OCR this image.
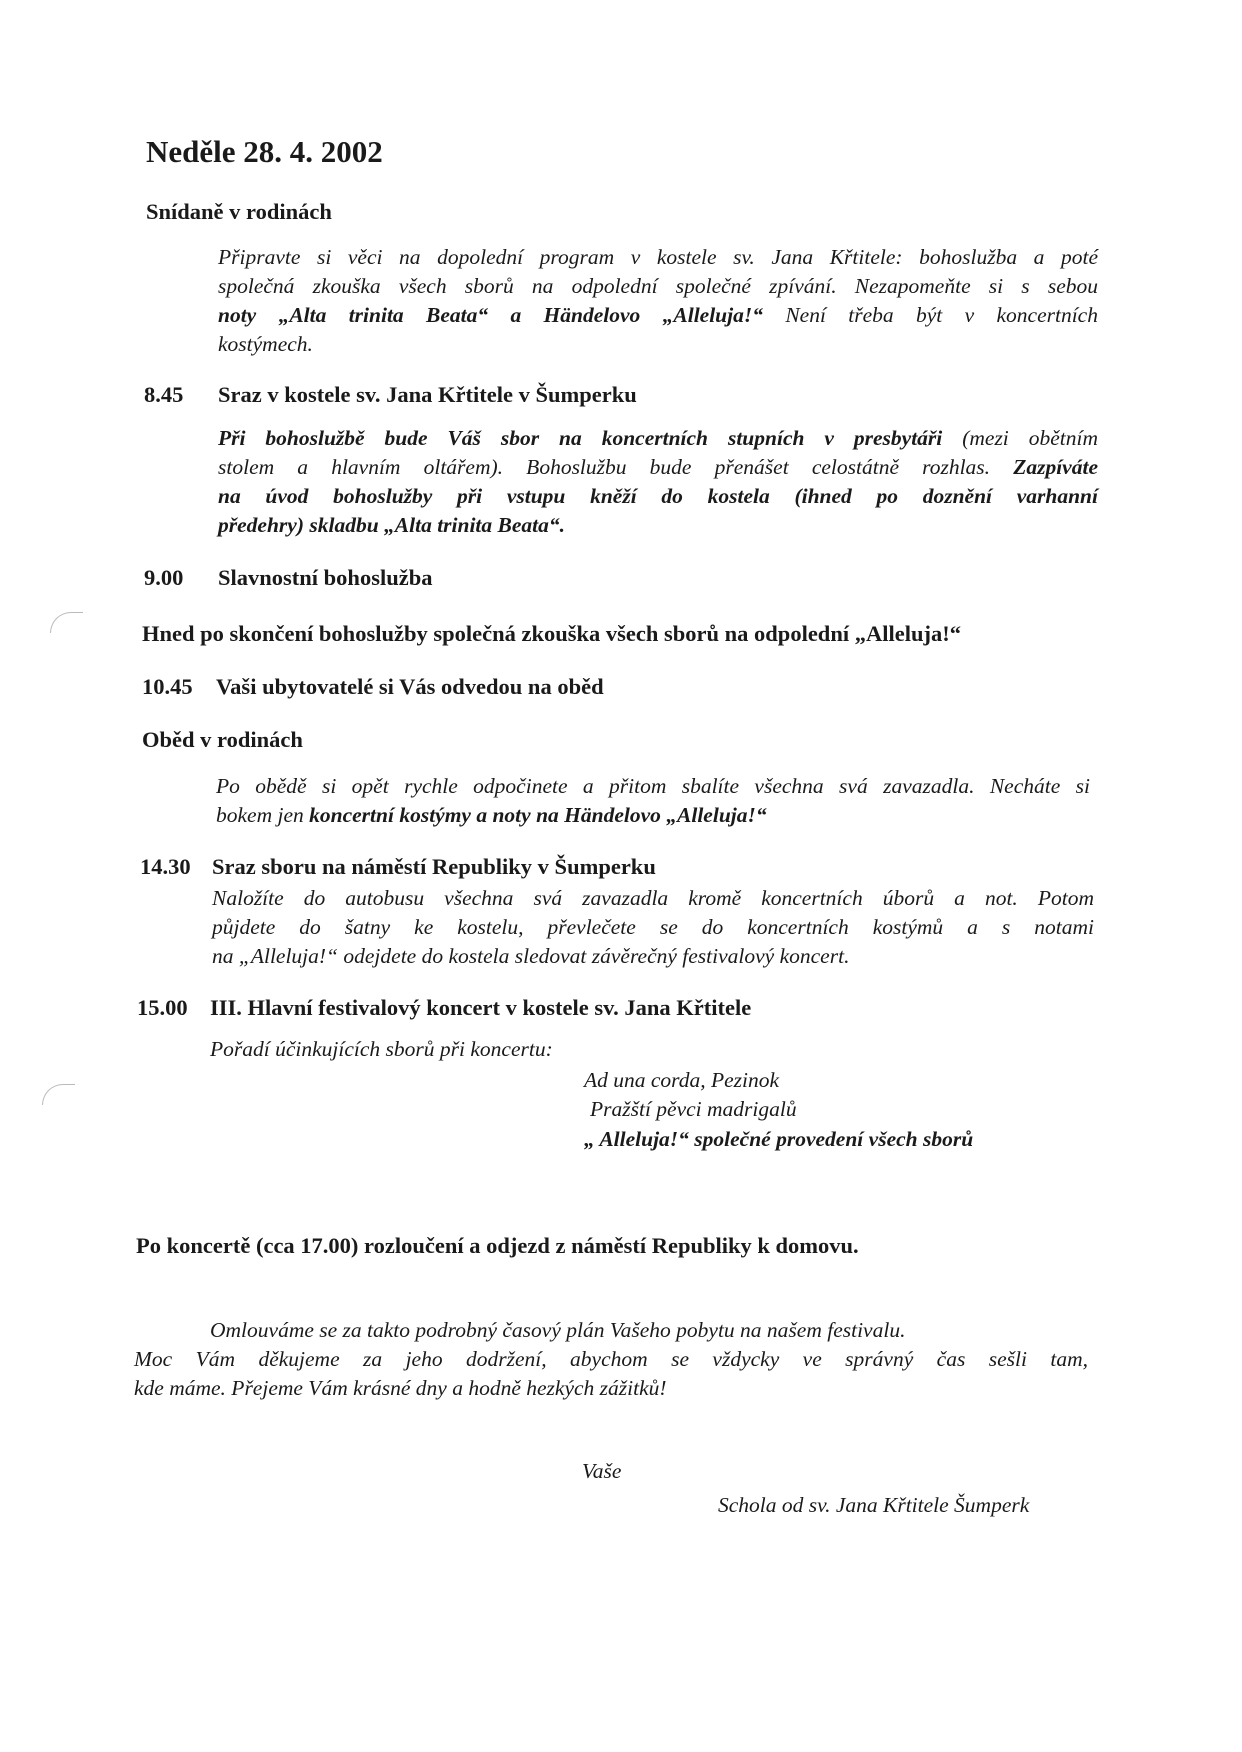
Neděle 28. 4. 2002
Snídaně v rodinách
Připravte si věci na dopolední program v kostele sv. Jana Křtitele: bohoslužba a poté
společná zkouška všech sborů na odpolední společné zpívání. Nezapomeňte si s sebou
noty „Alta trinita Beata“ a Händelovo „Alleluja!“ Není třeba být v koncertních
kostýmech.
8.45 Sraz v kostele sv. Jana Křtitele v Šumperku
Při bohoslužbě bude Váš sbor na koncertních stupních v presbytáři (mezi obětním
stolem a hlavním oltářem). Bohoslužbu bude přenášet celostátně rozhlas. Zazpíváte
na úvod bohoslužby při vstupu kněží do kostela (ihned po doznění varhanní
předehry) skladbu „Alta trinita Beata“.
9.00 Slavnostní bohoslužba
Hned po skončení bohoslužby společná zkouška všech sborů na odpolední „Alleluja!“
10.45 Vaši ubytovatelé si Vás odvedou na oběd
Oběd v rodinách
Po obědě si opět rychle odpočinete a přitom sbalíte všechna svá zavazadla. Necháte si
bokem jen koncertní kostýmy a noty na Händelovo „Alleluja!“
14.30 Sraz sboru na náměstí Republiky v Šumperku
Naložíte do autobusu všechna svá zavazadla kromě koncertních úborů a not. Potom
půjdete do šatny ke kostelu, převlečete se do koncertních kostýmů a s notami
na „Alleluja!“ odejdete do kostela sledovat závěrečný festivalový koncert.
15.00 III. Hlavní festivalový koncert v kostele sv. Jana Křtitele
Pořadí účinkujících sborů při koncertu:
Ad una corda, Pezinok
Pražští pěvci madrigalů
„ Alleluja!“ společné provedení všech sborů
Po koncertě (cca 17.00) rozloučení a odjezd z náměstí Republiky k domovu.
Omlouváme se za takto podrobný časový plán Vašeho pobytu na našem festivalu.
Moc Vám děkujeme za jeho dodržení, abychom se vždycky ve správný čas sešli tam,
kde máme. Přejeme Vám krásné dny a hodně hezkých zážitků!
Vaše
Schola od sv. Jana Křtitele Šumperk
